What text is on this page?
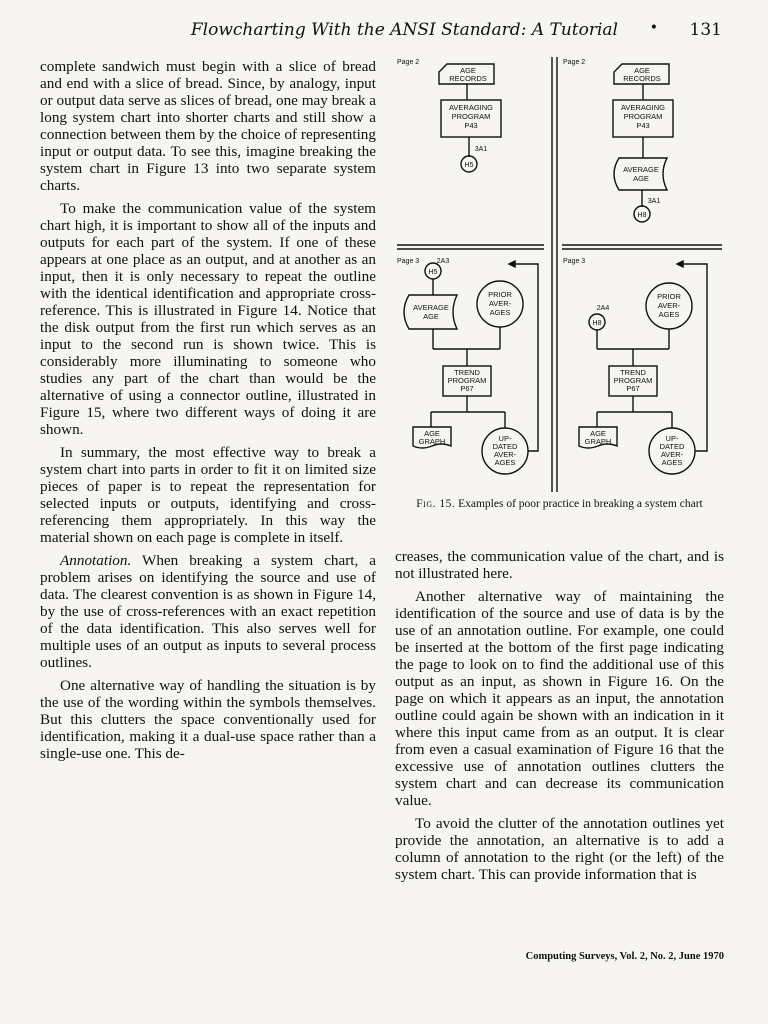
Flowcharting With the ANSI Standard: A Tutorial • 131

complete sandwich must begin with a slice of bread and end with a slice of bread. Since, by analogy, input or output data serve as slices of bread, one may break a long system chart into shorter charts and still show a connection between them by the choice of representing input or output data. To see this, imagine breaking the system chart in Figure 13 into two separate system charts.

To make the communication value of the system chart high, it is important to show all of the inputs and outputs for each part of the system. If one of these appears at one place as an output, and at another as an input, then it is only necessary to repeat the outline with the identical identification and appropriate cross-reference. This is illustrated in Figure 14. Notice that the disk output from the first run which serves as an input to the second run is shown twice. This is considerably more illuminating to someone who studies any part of the chart than would be the alternative of using a connector outline, illustrated in Figure 15, where two different ways of doing it are shown.

In summary, the most effective way to break a system chart into parts in order to fit it on limited size pieces of paper is to repeat the representation for selected inputs or outputs, identifying and cross-referencing them appropriately. In this way the material shown on each page is complete in itself.

Annotation. When breaking a system chart, a problem arises on identifying the source and use of data. The clearest convention is as shown in Figure 14, by the use of cross-references with an exact repetition of the data identification. This also serves well for multiple uses of an output as inputs to several process outlines.

One alternative way of handling the situation is by the use of the wording within the symbols themselves. But this clutters the space conventionally used for identification, making it a dual-use space rather than a single-use one. This de-

Page 2
AGE
RECORDS
AVERAGING
PROGRAM
P43
3A1
H5
Page 3	2A3
H5
AVERAGE
AGE
PRIOR
AVER-
AGES
TREND
PROGRAM
P67
AGE
GRAPH	UP-
DATED
AVER-
AGES
Page 2
AGE
RECORDS
AVERAGING
PROGRAM
P43
AVERAGE
AGE
3A1
H8
Page 3
2A4
H8
PRIOR
AVER-
AGES
TREND
PROGRAM
P67
AGE
GRAPH	UP-
DATED
AVER-
AGES
Fig. 15. Examples of poor practice in breaking a system chart

creases, the communication value of the chart, and is not illustrated here.

Another alternative way of maintaining the identification of the source and use of data is by the use of an annotation outline. For example, one could be inserted at the bottom of the first page indicating the page to look on to find the additional use of this output as an input, as shown in Figure 16. On the page on which it appears as an input, the annotation outline could again be shown with an indication in it where this input came from as an output. It is clear from even a casual examination of Figure 16 that the excessive use of annotation outlines clutters the system chart and can decrease its communication value.

To avoid the clutter of the annotation outlines yet provide the annotation, an alternative is to add a column of annotation to the right (or the left) of the system chart. This can provide information that is

Computing Surveys, Vol. 2, No. 2, June 1970
